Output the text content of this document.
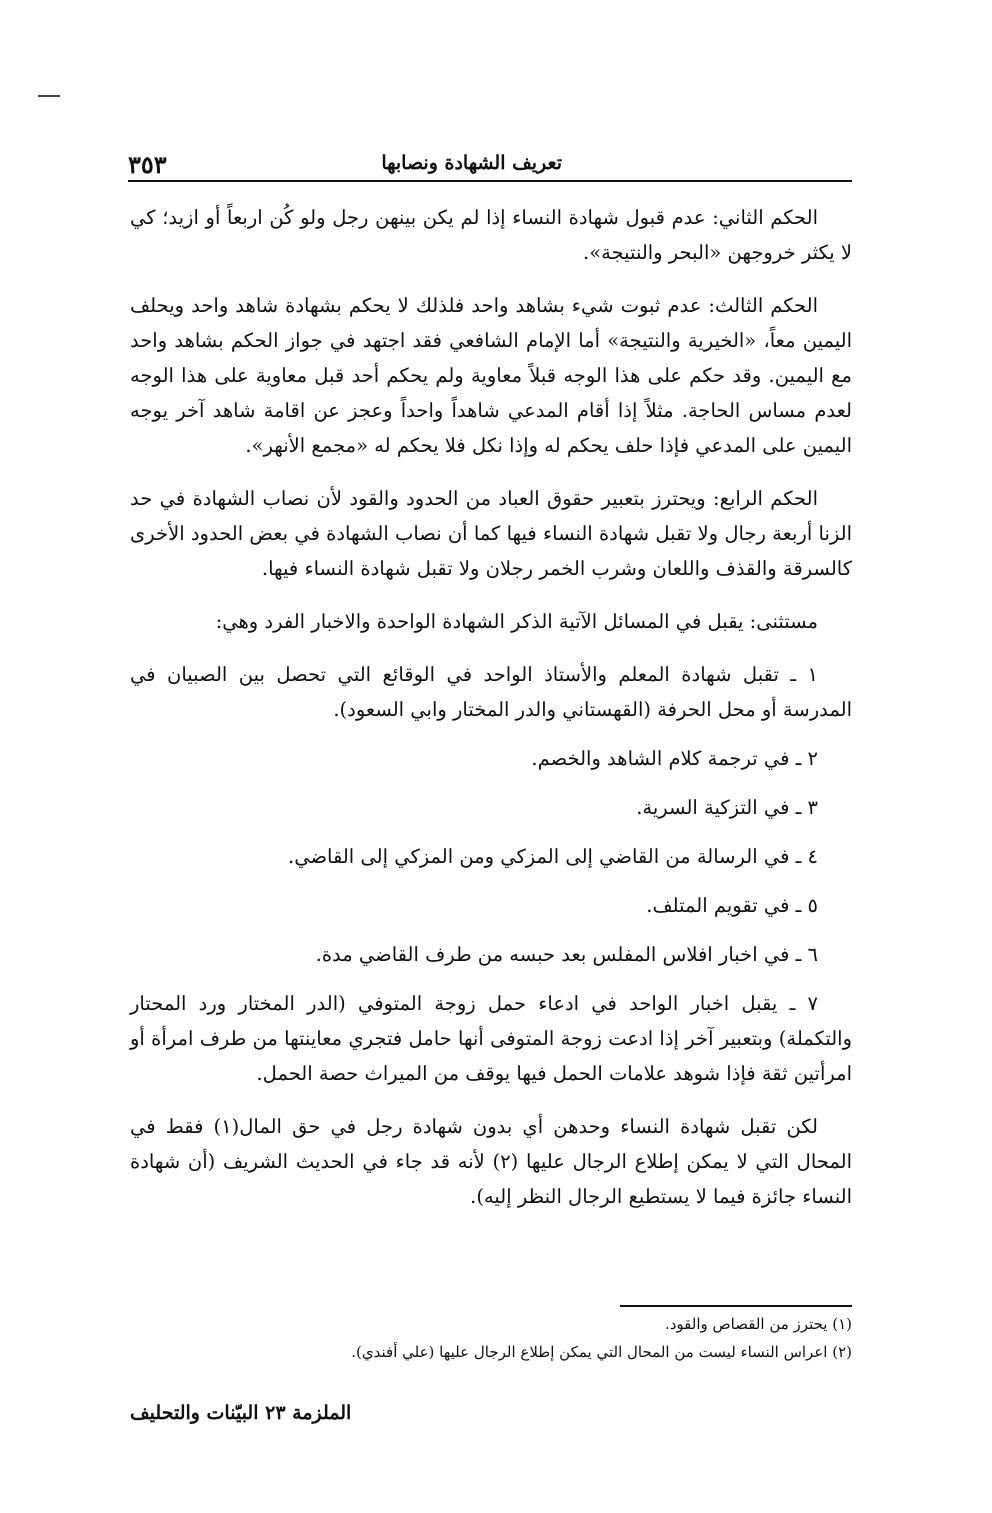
٣٥٣	تعريف الشهادة ونصابها

الحكم الثاني: عدم قبول شهادة النساء إذا لم يكن بينهن رجل ولو كُن اربعاً أو ازيد؛ كي لا يكثر خروجهن «البحر والنتيجة».

الحكم الثالث: عدم ثبوت شيء بشاهد واحد فلذلك لا يحكم بشهادة شاهد واحد ويحلف اليمين معاً، «الخيرية والنتيجة» أما الإمام الشافعي فقد اجتهد في جواز الحكم بشاهد واحد مع اليمين. وقد حكم على هذا الوجه قبلاً معاوية ولم يحكم أحد قبل معاوية على هذا الوجه لعدم مساس الحاجة. مثلاً إذا أقام المدعي شاهداً واحداً وعجز عن اقامة شاهد آخر يوجه اليمين على المدعي فإذا حلف يحكم له وإذا نكل فلا يحكم له «مجمع الأنهر».

الحكم الرابع: ويحترز بتعبير حقوق العباد من الحدود والقود لأن نصاب الشهادة في حد الزنا أربعة رجال ولا تقبل شهادة النساء فيها كما أن نصاب الشهادة في بعض الحدود الأخرى كالسرقة والقذف واللعان وشرب الخمر رجلان ولا تقبل شهادة النساء فيها.

مستثنى: يقبل في المسائل الآتية الذكر الشهادة الواحدة والاخبار الفرد وهي:

١ ـ تقبل شهادة المعلم والأستاذ الواحد في الوقائع التي تحصل بين الصبيان في المدرسة أو محل الحرفة (القهستاني والدر المختار وابي السعود).

٢ ـ في ترجمة كلام الشاهد والخصم.

٣ ـ في التزكية السرية.

٤ ـ في الرسالة من القاضي إلى المزكي ومن المزكي إلى القاضي.

٥ ـ في تقويم المتلف.

٦ ـ في اخبار افلاس المفلس بعد حبسه من طرف القاضي مدة.

٧ ـ يقبل اخبار الواحد في ادعاء حمل زوجة المتوفي (الدر المختار ورد المحتار والتكملة) وبتعبير آخر إذا ادعت زوجة المتوفى أنها حامل فتجري معاينتها من طرف امرأة أو امرأتين ثقة فإذا شوهد علامات الحمل فيها يوقف من الميراث حصة الحمل.

لكن تقبل شهادة النساء وحدهن أي بدون شهادة رجل في حق المال(١) فقط في المحال التي لا يمكن إطلاع الرجال عليها (٢) لأنه قد جاء في الحديث الشريف (أن شهادة النساء جائزة فيما لا يستطيع الرجال النظر إليه).

(١) يحترز من القصاص والقود.

(٢) اعراس النساء ليست من المحال التي يمكن إطلاع الرجال عليها (علي أفندي).

الملزمة ٢٣ البيّنات والتحليف
